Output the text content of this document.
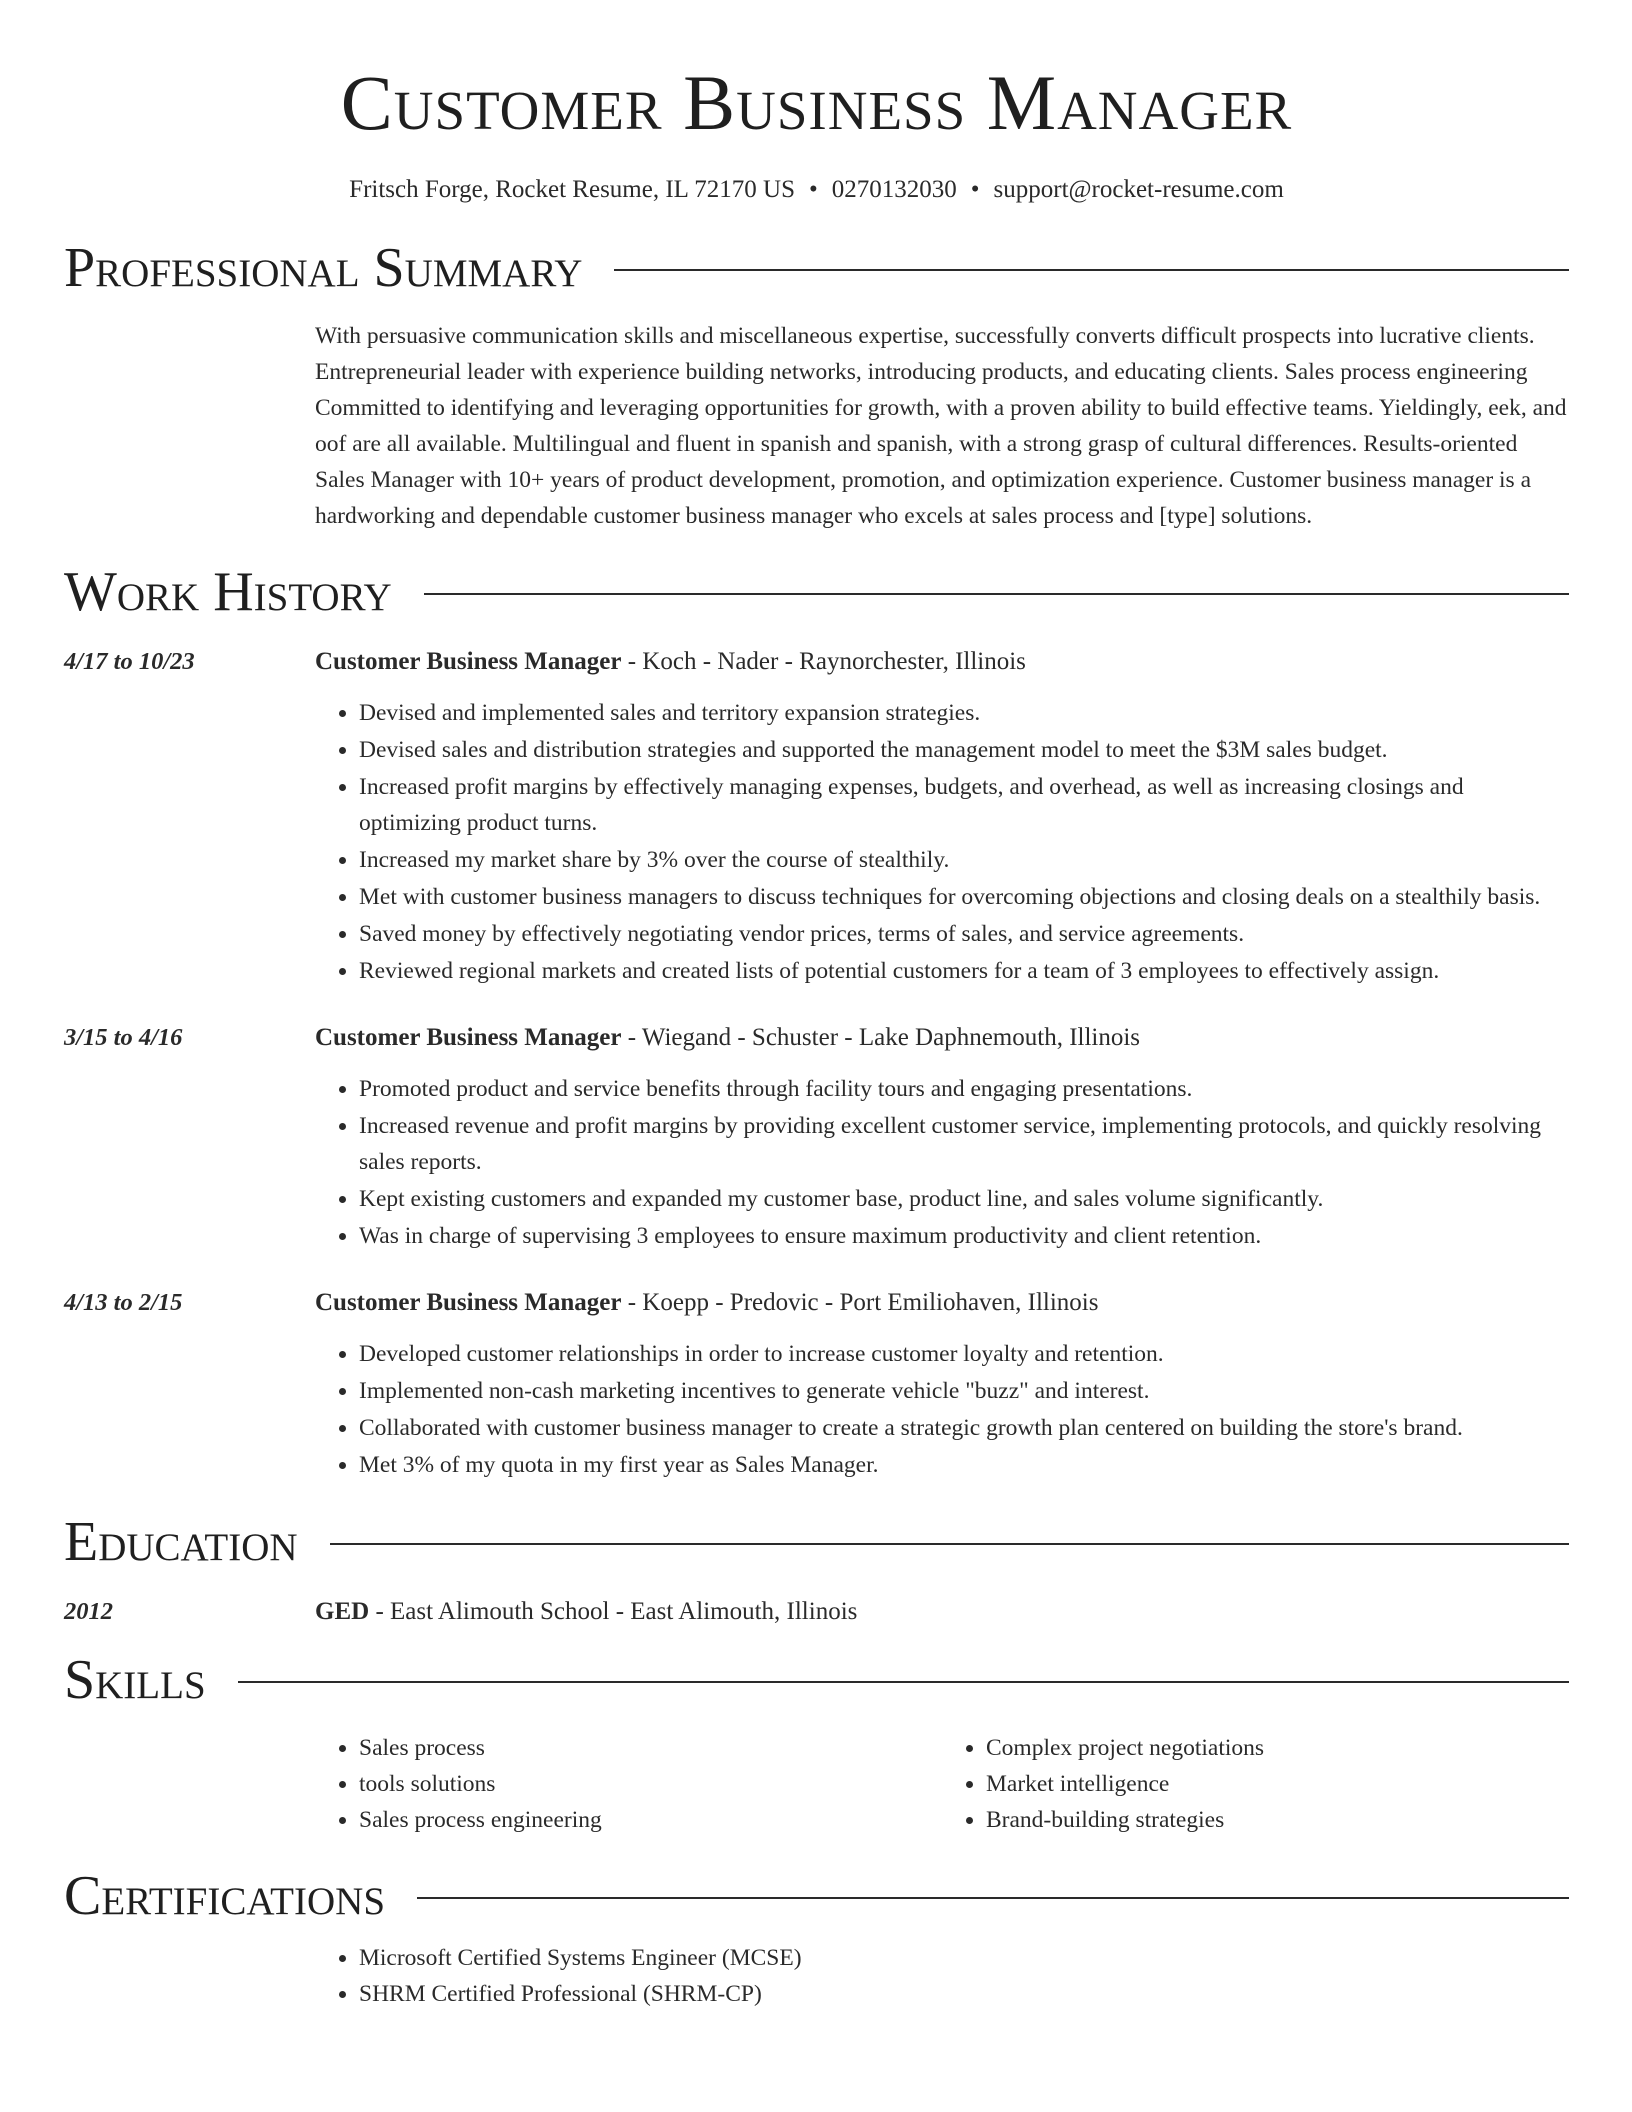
Customer Business Manager
Fritsch Forge, Rocket Resume, IL 72170 US • 0270132030 • support@rocket-resume.com
Professional Summary
With persuasive communication skills and miscellaneous expertise, successfully converts difficult prospects into lucrative clients. Entrepreneurial leader with experience building networks, introducing products, and educating clients. Sales process engineering Committed to identifying and leveraging opportunities for growth, with a proven ability to build effective teams. Yieldingly, eek, and oof are all available. Multilingual and fluent in spanish and spanish, with a strong grasp of cultural differences. Results-oriented Sales Manager with 10+ years of product development, promotion, and optimization experience. Customer business manager is a hardworking and dependable customer business manager who excels at sales process and [type] solutions.
Work History
4/17 to 10/23	Customer Business Manager - Koch - Nader - Raynorchester, Illinois
• Devised and implemented sales and territory expansion strategies.
• Devised sales and distribution strategies and supported the management model to meet the $3M sales budget.
• Increased profit margins by effectively managing expenses, budgets, and overhead, as well as increasing closings and optimizing product turns.
• Increased my market share by 3% over the course of stealthily.
• Met with customer business managers to discuss techniques for overcoming objections and closing deals on a stealthily basis.
• Saved money by effectively negotiating vendor prices, terms of sales, and service agreements.
• Reviewed regional markets and created lists of potential customers for a team of 3 employees to effectively assign.
3/15 to 4/16	Customer Business Manager - Wiegand - Schuster - Lake Daphnemouth, Illinois
• Promoted product and service benefits through facility tours and engaging presentations.
• Increased revenue and profit margins by providing excellent customer service, implementing protocols, and quickly resolving sales reports.
• Kept existing customers and expanded my customer base, product line, and sales volume significantly.
• Was in charge of supervising 3 employees to ensure maximum productivity and client retention.
4/13 to 2/15	Customer Business Manager - Koepp - Predovic - Port Emiliohaven, Illinois
• Developed customer relationships in order to increase customer loyalty and retention.
• Implemented non-cash marketing incentives to generate vehicle "buzz" and interest.
• Collaborated with customer business manager to create a strategic growth plan centered on building the store's brand.
• Met 3% of my quota in my first year as Sales Manager.
Education
2012	GED - East Alimouth School - East Alimouth, Illinois
Skills
• Sales process
• tools solutions
• Sales process engineering
• Complex project negotiations
• Market intelligence
• Brand-building strategies
Certifications
• Microsoft Certified Systems Engineer (MCSE)
• SHRM Certified Professional (SHRM-CP)
